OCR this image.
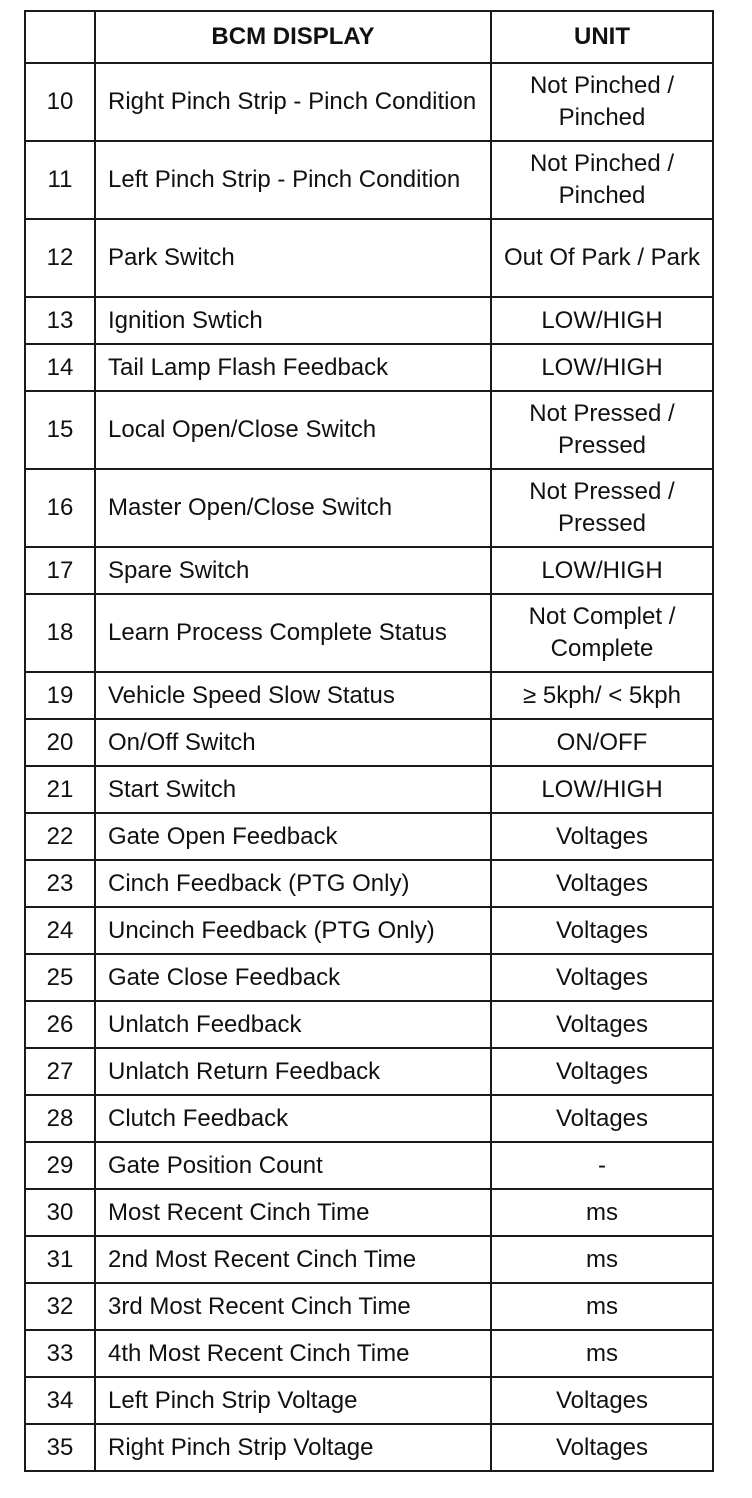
	BCM DISPLAY	UNIT
10	Right Pinch Strip - Pinch Condition	Not Pinched / Pinched
11	Left Pinch Strip - Pinch Condition	Not Pinched / Pinched
12	Park Switch	Out Of Park / Park
13	Ignition Swtich	LOW/HIGH
14	Tail Lamp Flash Feedback	LOW/HIGH
15	Local Open/Close Switch	Not Pressed / Pressed
16	Master Open/Close Switch	Not Pressed / Pressed
17	Spare Switch	LOW/HIGH
18	Learn Process Complete Status	Not Complet / Complete
19	Vehicle Speed Slow Status	≥ 5kph/ < 5kph
20	On/Off Switch	ON/OFF
21	Start Switch	LOW/HIGH
22	Gate Open Feedback	Voltages
23	Cinch Feedback (PTG Only)	Voltages
24	Uncinch Feedback (PTG Only)	Voltages
25	Gate Close Feedback	Voltages
26	Unlatch Feedback	Voltages
27	Unlatch Return Feedback	Voltages
28	Clutch Feedback	Voltages
29	Gate Position Count	-
30	Most Recent Cinch Time	ms
31	2nd Most Recent Cinch Time	ms
32	3rd Most Recent Cinch Time	ms
33	4th Most Recent Cinch Time	ms
34	Left Pinch Strip Voltage	Voltages
35	Right Pinch Strip Voltage	Voltages
